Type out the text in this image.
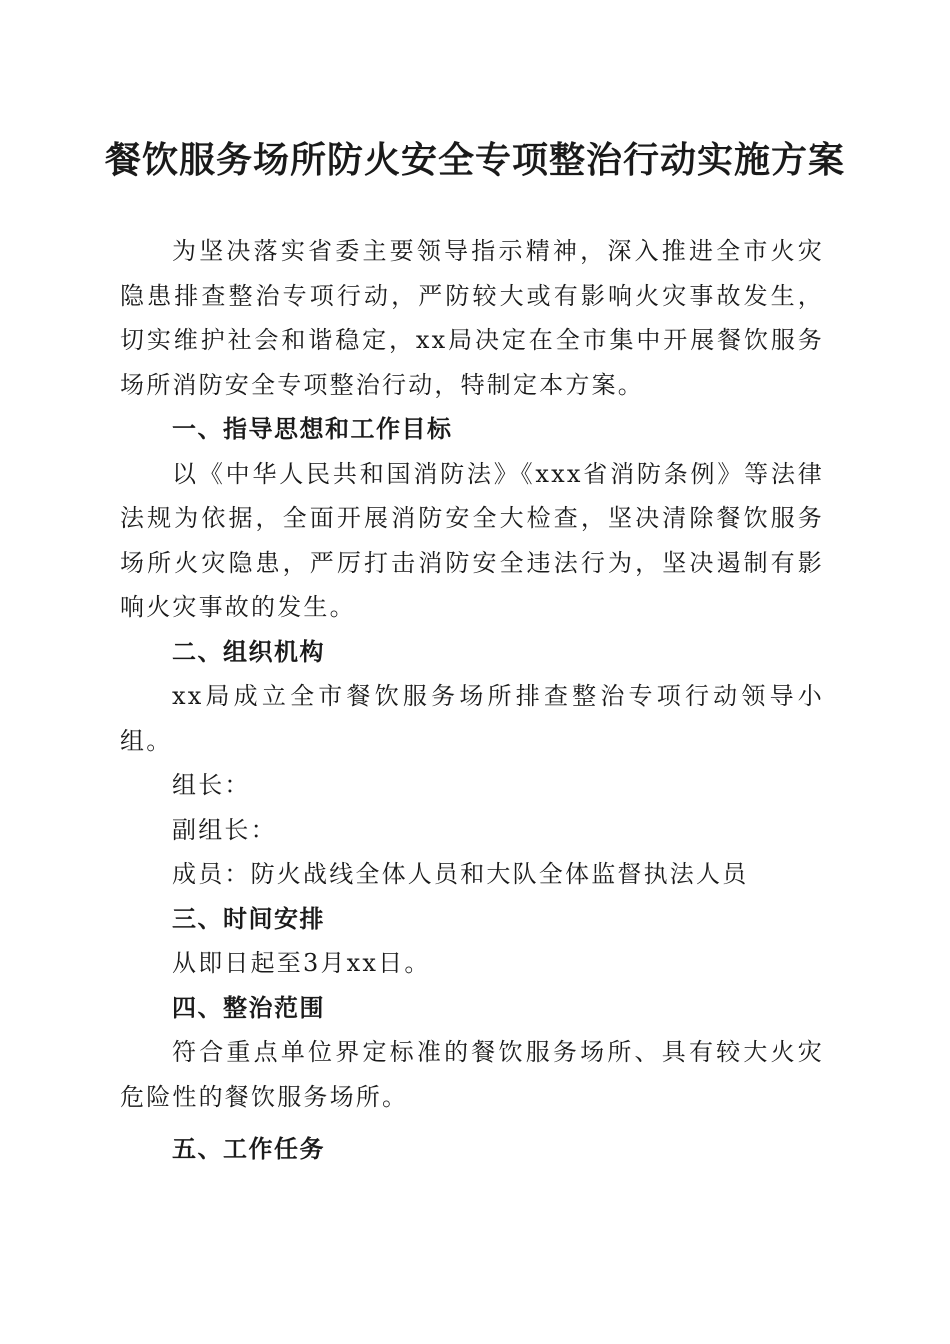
餐饮服务场所防火安全专项整治行动实施方案

为坚决落实省委主要领导指示精神，深入推进全市火灾隐患排查整治专项行动，严防较大或有影响火灾事故发生，切实维护社会和谐稳定，xx局决定在全市集中开展餐饮服务场所消防安全专项整治行动，特制定本方案。

一、指导思想和工作目标

以《中华人民共和国消防法》《xxx省消防条例》等法律法规为依据，全面开展消防安全大检查，坚决清除餐饮服务场所火灾隐患，严厉打击消防安全违法行为，坚决遏制有影响火灾事故的发生。

二、组织机构

xx局成立全市餐饮服务场所排查整治专项行动领导小组。

组长：

副组长：

成员：防火战线全体人员和大队全体监督执法人员

三、时间安排

从即日起至3月xx日。

四、整治范围

符合重点单位界定标准的餐饮服务场所、具有较大火灾危险性的餐饮服务场所。

五、工作任务
